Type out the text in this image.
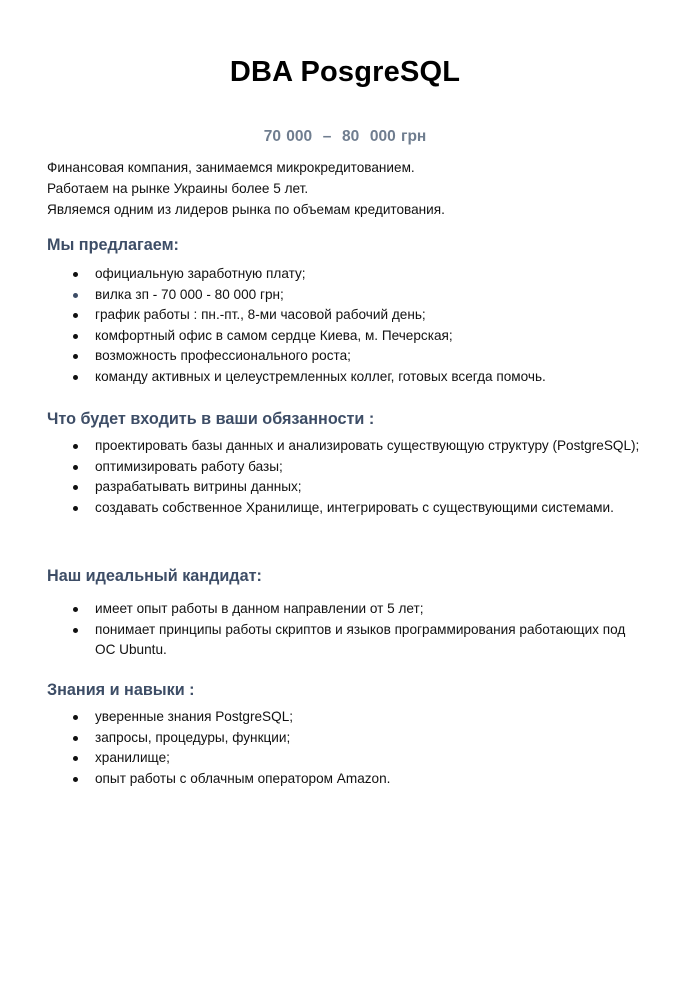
DBA PosgreSQL
70 000  –  80  000 грн
Финансовая компания, занимаемся микрокредитованием.
Работаем на рынке Украины более 5 лет.
Являемся одним из лидеров рынка по объемам кредитования.
Мы предлагаем:
официальную заработную плату;
вилка зп - 70 000 - 80 000 грн;
график работы : пн.-пт., 8-ми часовой рабочий день;
комфортный офис в самом сердце Киева, м. Печерская;
возможность профессионального роста;
команду активных и целеустремленных коллег, готовых всегда помочь.
Что будет входить в ваши обязанности :
проектировать базы данных и анализировать существующую структуру (PostgreSQL);
оптимизировать работу базы;
разрабатывать витрины данных;
создавать собственное Хранилище, интегрировать с существующими системами.
Наш идеальный кандидат:
имеет опыт работы в данном направлении от 5 лет;
понимает принципы работы скриптов и языков программирования работающих под ОС Ubuntu.
Знания и навыки :
уверенные знания PostgreSQL;
запросы, процедуры, функции;
хранилище;
опыт работы с облачным оператором Amazon.
